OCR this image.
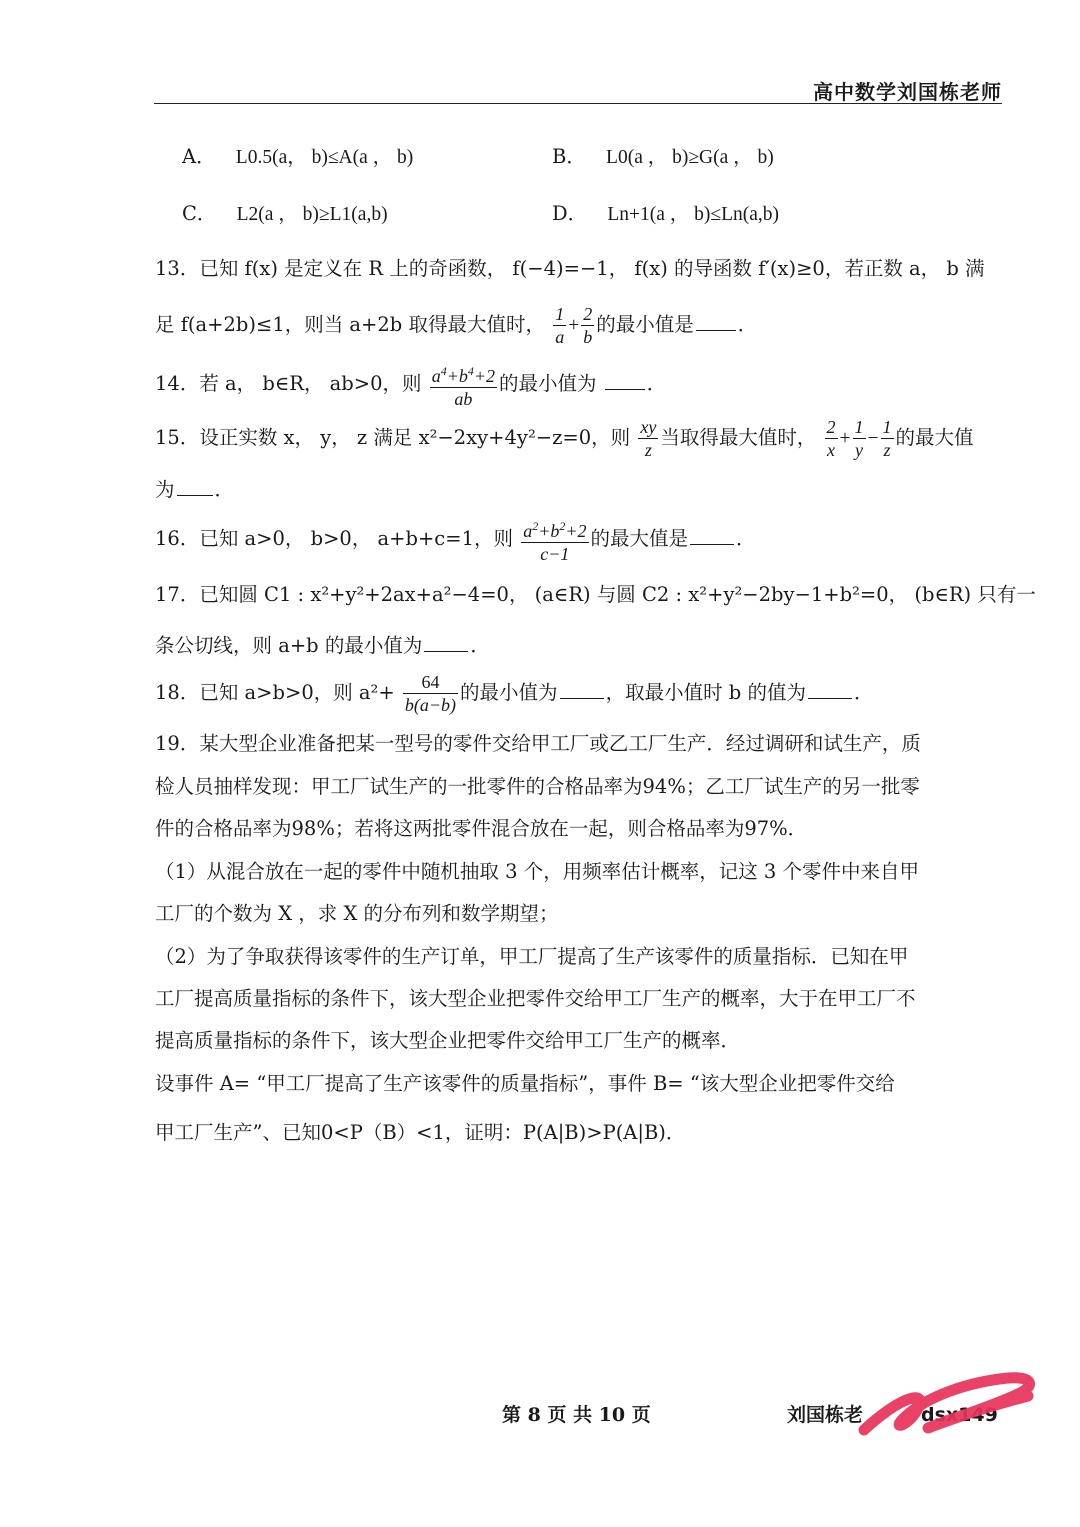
高中数学刘国栋老师
A． L0.5(a， b)≤A(a ， b)	B． L0(a ， b)≥G(a ， b)
C． L2(a ， b)≥L1(a,b)	D． Ln+1(a ， b)≤Ln(a,b)
13．已知 f(x) 是定义在 R 上的奇函数， f(−4)=−1， f(x) 的导函数 f′(x)≥0，若正数 a， b 满
足 f(a+2b)≤1，则当 a+2b 取得最大值时， $\frac{1}{a} + \frac{2}{b}$ 的最小值是 ．
14．若 a， b∈R， ab>0，则 $\frac{a^4+b^4+2}{ab}$ 的最小值为	．
15．设正实数 x， y， z 满足 x²−2xy+4y²−z=0，则 $\frac{xy}{z}$ 当取得最大值时， $\frac{2}{x} + \frac{1}{y} - \frac{1}{z}$ 的最大值
为 ．
16．已知 a>0， b>0， a+b+c=1，则 $\frac{a^2+b^2+2}{c-1}$ 的最大值是 ．
17．已知圆 C1 : x²+y²+2ax+a²−4=0， (a∈R) 与圆 C2 : x²+y²−2by−1+b²=0， (b∈R) 只有一
条公切线，则 a+b 的最小值为 ．
18．已知 a>b>0，则 $a^2+ \frac{64}{b(a-b)}$ 的最小值为 ，取最小值时 b 的值为 ．
19．某大型企业准备把某一型号的零件交给甲工厂或乙工厂生产．经过调研和试生产，质
检人员抽样发现：甲工厂试生产的一批零件的合格品率为94%；乙工厂试生产的另一批零
件的合格品率为98%；若将这两批零件混合放在一起，则合格品率为97%．
（1）从混合放在一起的零件中随机抽取 3 个，用频率估计概率，记这 3 个零件中来自甲
工厂的个数为 X ，求 X 的分布列和数学期望；
（2）为了争取获得该零件的生产订单，甲工厂提高了生产该零件的质量指标．已知在甲
工厂提高质量指标的条件下，该大型企业把零件交给甲工厂生产的概率，大于在甲工厂不
提高质量指标的条件下，该大型企业把零件交给甲工厂生产的概率．
设事件 A= “甲工厂提高了生产该零件的质量指标”，事件 B= “该大型企业把零件交给
甲工厂生产”、已知0<P（B）<1，证明：P(A|B)>P(A|B)．
第 8 页 共 10 页	刘国栋老	dsx149
